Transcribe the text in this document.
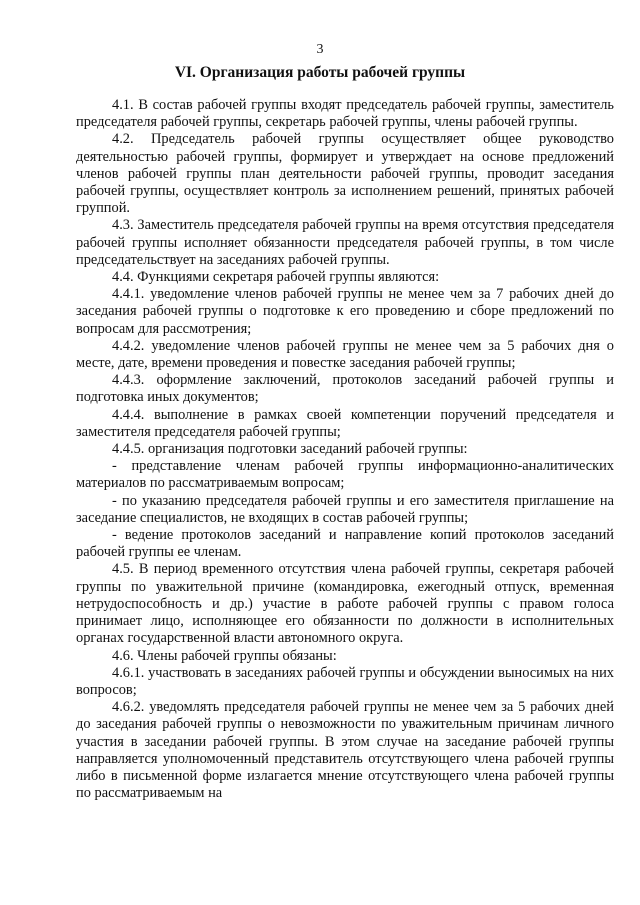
3
VI. Организация работы рабочей группы

4.1. В состав рабочей группы входят председатель рабочей группы, заместитель председателя рабочей группы, секретарь рабочей группы, члены рабочей группы.

4.2. Председатель рабочей группы осуществляет общее руководство деятельностью рабочей группы, формирует и утверждает на основе предложений членов рабочей группы план деятельности рабочей группы, проводит заседания рабочей группы, осуществляет контроль за исполнением решений, принятых рабочей группой.

4.3. Заместитель председателя рабочей группы на время отсутствия председателя рабочей группы исполняет обязанности председателя рабочей группы, в том числе председательствует на заседаниях рабочей группы.

4.4. Функциями секретаря рабочей группы являются:

4.4.1. уведомление членов рабочей группы не менее чем за 7 рабочих дней до заседания рабочей группы о подготовке к его проведению и сборе предложений по вопросам для рассмотрения;

4.4.2. уведомление членов рабочей группы не менее чем за 5 рабочих дня о месте, дате, времени проведения и повестке заседания рабочей группы;

4.4.3. оформление заключений, протоколов заседаний рабочей группы и подготовка иных документов;

4.4.4. выполнение в рамках своей компетенции поручений председателя и заместителя председателя рабочей группы;

4.4.5. организация подготовки заседаний рабочей группы:

- представление членам рабочей группы информационно-аналитических материалов по рассматриваемым вопросам;

- по указанию председателя рабочей группы и его заместителя приглашение на заседание специалистов, не входящих в состав рабочей группы;

- ведение протоколов заседаний и направление копий протоколов заседаний рабочей группы ее членам.

4.5. В период временного отсутствия члена рабочей группы, секретаря рабочей группы по уважительной причине (командировка, ежегодный отпуск, временная нетрудоспособность и др.) участие в работе рабочей группы с правом голоса принимает лицо, исполняющее его обязанности по должности в исполнительных органах государственной власти автономного округа.

4.6. Члены рабочей группы обязаны:

4.6.1. участвовать в заседаниях рабочей группы и обсуждении выносимых на них вопросов;

4.6.2. уведомлять председателя рабочей группы не менее чем за 5 рабочих дней до заседания рабочей группы о невозможности по уважительным причинам личного участия в заседании рабочей группы. В этом случае на заседание рабочей группы направляется уполномоченный представитель отсутствующего члена рабочей группы либо в письменной форме излагается мнение отсутствующего члена рабочей группы по рассматриваемым на
